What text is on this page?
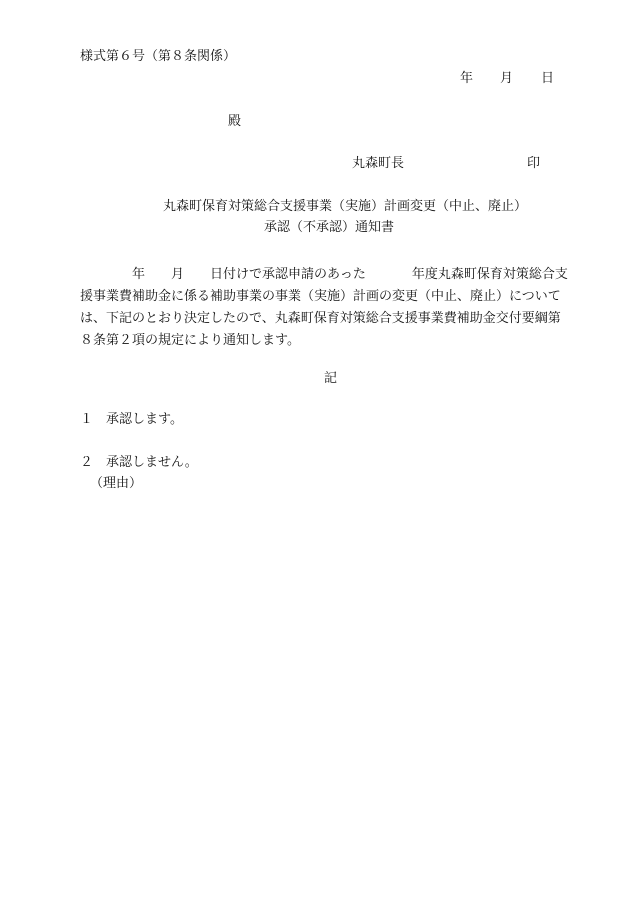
様式第６号（第８条関係）
年 月 日
殿
丸森町長	印
丸森町保育対策総合支援事業（実施）計画変更（中止、廃止）
承認（不承認）通知書
年 月 日付けで承認申請のあった	年度丸森町保育対策総合支
援事業費補助金に係る補助事業の事業（実施）計画の変更（中止、廃止）について
は、下記のとおり決定したので、丸森町保育対策総合支援事業費補助金交付要綱第
８条第２項の規定により通知します。
記
１ 承認します。
２ 承認しません。
（理由）
